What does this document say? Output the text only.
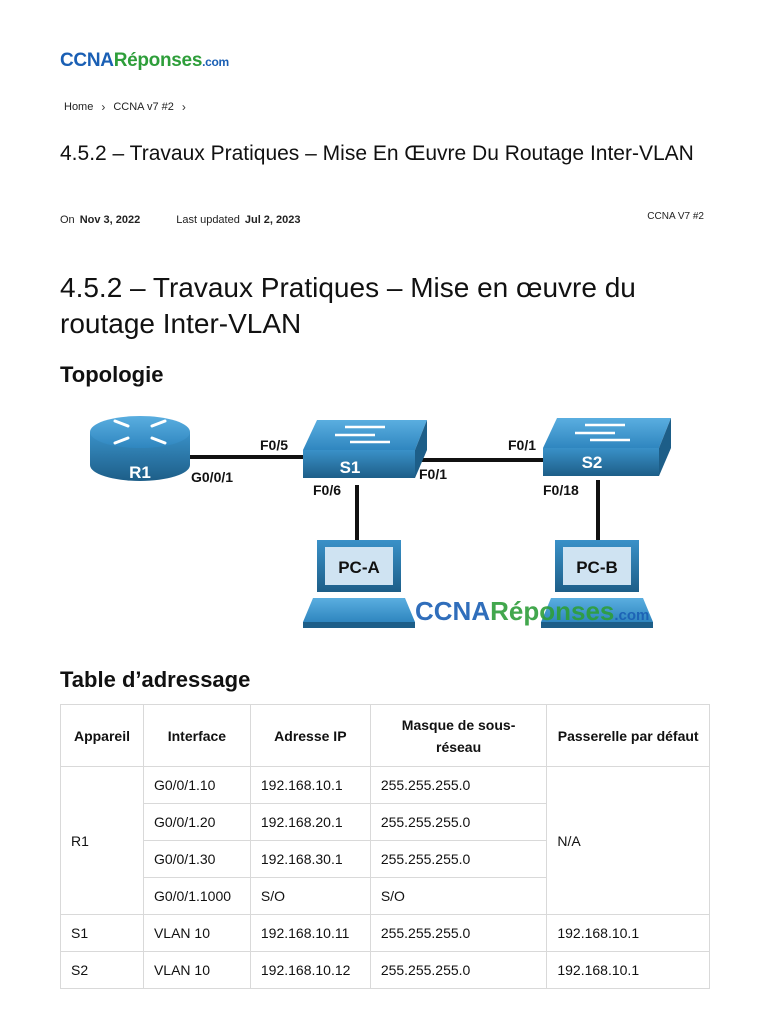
CCNARéponses.com
Home › CCNA v7 #2 ›
4.5.2 – Travaux Pratiques – Mise En Œuvre Du Routage Inter-VLAN
On Nov 3, 2022	Last updated Jul 2, 2023	CCNA V7 #2
4.5.2 – Travaux Pratiques – Mise en œuvre du routage Inter-VLAN
Topologie
R1	S1	S2
PC-A	PC-B
G0/0/1
F0/5
F0/6
F0/1
F0/1
F0/18
CCNARéponses.com
Table d’adressage
Appareil	Interface	Adresse IP	Masque de sous-réseau	Passerelle par défaut
R1	G0/0/1.10	192.168.10.1	255.255.255.0	N/A
	G0/0/1.20	192.168.20.1	255.255.255.0	
	G0/0/1.30	192.168.30.1	255.255.255.0	
	G0/0/1.1000	S/O	S/O	
S1	VLAN 10	192.168.10.11	255.255.255.0	192.168.10.1
S2	VLAN 10	192.168.10.12	255.255.255.0	192.168.10.1
